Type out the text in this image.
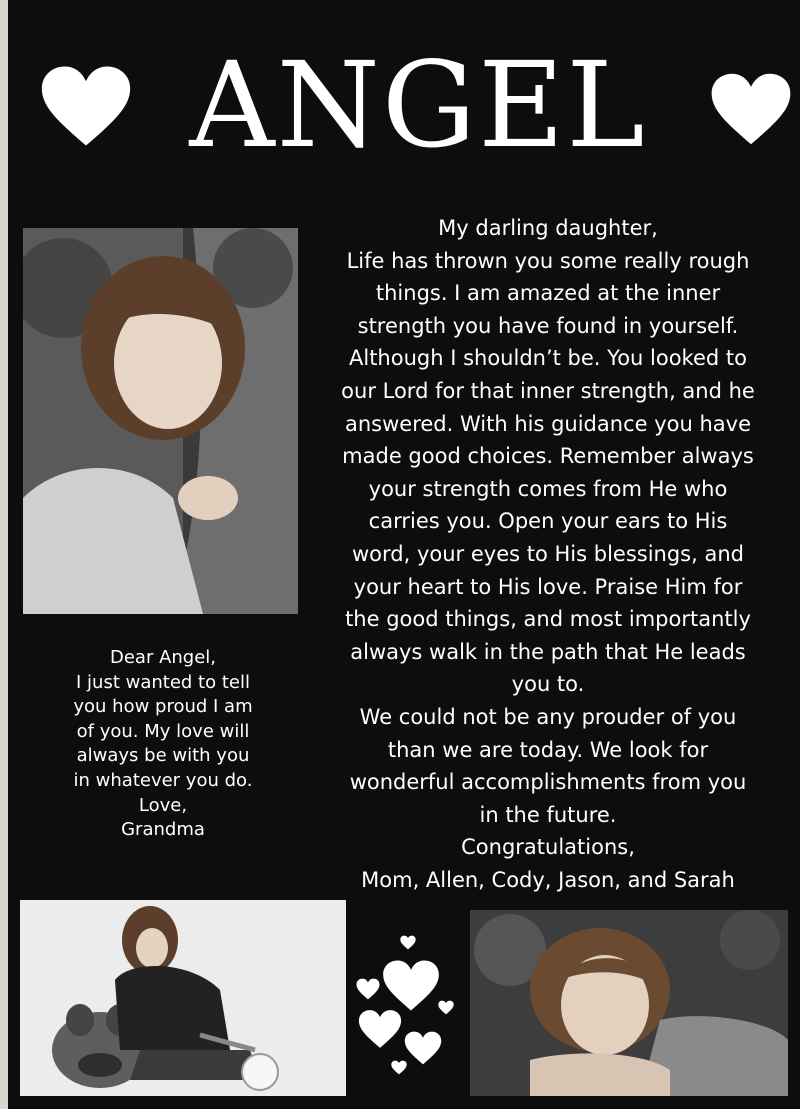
ANGEL

My darling daughter,

Life has thrown you some really rough

things. I am amazed at the inner

strength you have found in yourself.

Although I shouldn’t be. You looked to

our Lord for that inner strength, and he

answered. With his guidance you have

made good choices. Remember always

your strength comes from He who

carries you. Open your ears to His

word, your eyes to His blessings, and

your heart to His love. Praise Him for

the good things, and most importantly

always walk in the path that He leads

you to.

We could not be any prouder of you

than we are today. We look for

wonderful accomplishments from you

in the future.

Congratulations,

Mom, Allen, Cody, Jason, and Sarah

Dear Angel,

I just wanted to tell

you how proud I am

of you. My love will

always be with you

in whatever you do.

Love,

Grandma
